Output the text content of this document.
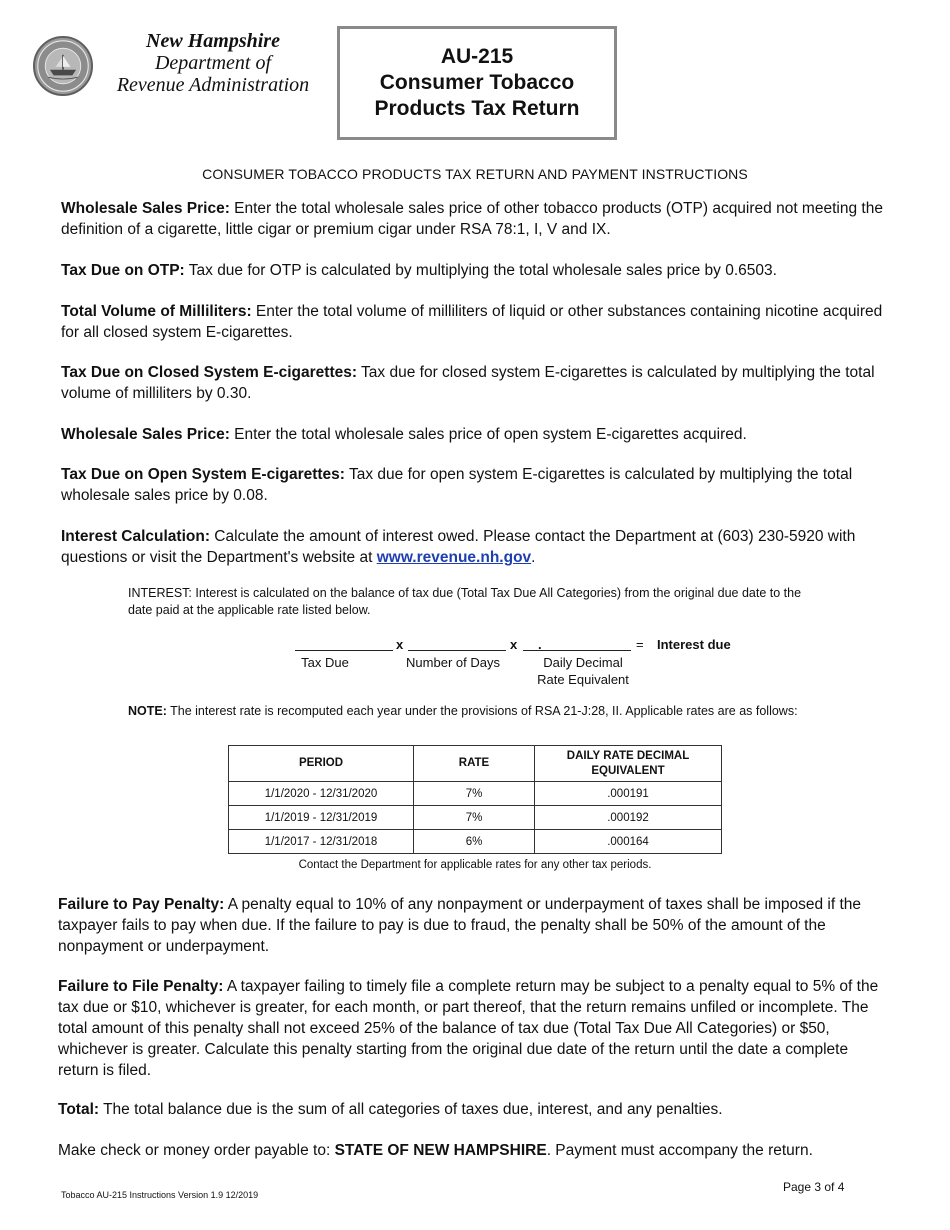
New Hampshire
Department of
Revenue Administration
AU-215
Consumer Tobacco
Products Tax Return
CONSUMER TOBACCO PRODUCTS TAX RETURN AND PAYMENT INSTRUCTIONS
Wholesale Sales Price: Enter the total wholesale sales price of other tobacco products (OTP) acquired not meeting the definition of a cigarette, little cigar or premium cigar under RSA 78:1, I, V and IX.
Tax Due on OTP: Tax due for OTP is calculated by multiplying the total wholesale sales price by 0.6503.
Total Volume of Milliliters: Enter the total volume of milliliters of liquid or other substances containing nicotine acquired for all closed system E-cigarettes.
Tax Due on Closed System E-cigarettes: Tax due for closed system E-cigarettes is calculated by multiplying the total volume of milliliters by 0.30.
Wholesale Sales Price: Enter the total wholesale sales price of open system E-cigarettes acquired.
Tax Due on Open System E-cigarettes: Tax due for open system E-cigarettes is calculated by multiplying the total wholesale sales price by 0.08.
Interest Calculation: Calculate the amount of interest owed. Please contact the Department at (603) 230-5920 with questions or visit the Department's website at www.revenue.nh.gov.
INTEREST: Interest is calculated on the balance of tax due (Total Tax Due All Categories) from the original due date to the date paid at the applicable rate listed below.
x	x .	= Interest due
Tax Due	Number of Days	Daily Decimal
Rate Equivalent
NOTE: The interest rate is recomputed each year under the provisions of RSA 21-J:28, II. Applicable rates are as follows:
PERIOD	RATE	DAILY RATE DECIMAL
EQUIVALENT

1/1/2020 - 12/31/2020	7%	.000191
1/1/2019 - 12/31/2019	7%	.000192
1/1/2017 - 12/31/2018	6%	.000164
Contact the Department for applicable rates for any other tax periods.
Failure to Pay Penalty: A penalty equal to 10% of any nonpayment or underpayment of taxes shall be imposed if the taxpayer fails to pay when due. If the failure to pay is due to fraud, the penalty shall be 50% of the amount of the nonpayment or underpayment.
Failure to File Penalty: A taxpayer failing to timely file a complete return may be subject to a penalty equal to 5% of the tax due or $10, whichever is greater, for each month, or part thereof, that the return remains unfiled or incomplete. The total amount of this penalty shall not exceed 25% of the balance of tax due (Total Tax Due All Categories) or $50, whichever is greater. Calculate this penalty starting from the original due date of the return until the date a complete return is filed.
Total: The total balance due is the sum of all categories of taxes due, interest, and any penalties.
Make check or money order payable to: STATE OF NEW HAMPSHIRE. Payment must accompany the return.
Page 3 of 4
Tobacco AU-215 Instructions Version 1.9 12/2019
